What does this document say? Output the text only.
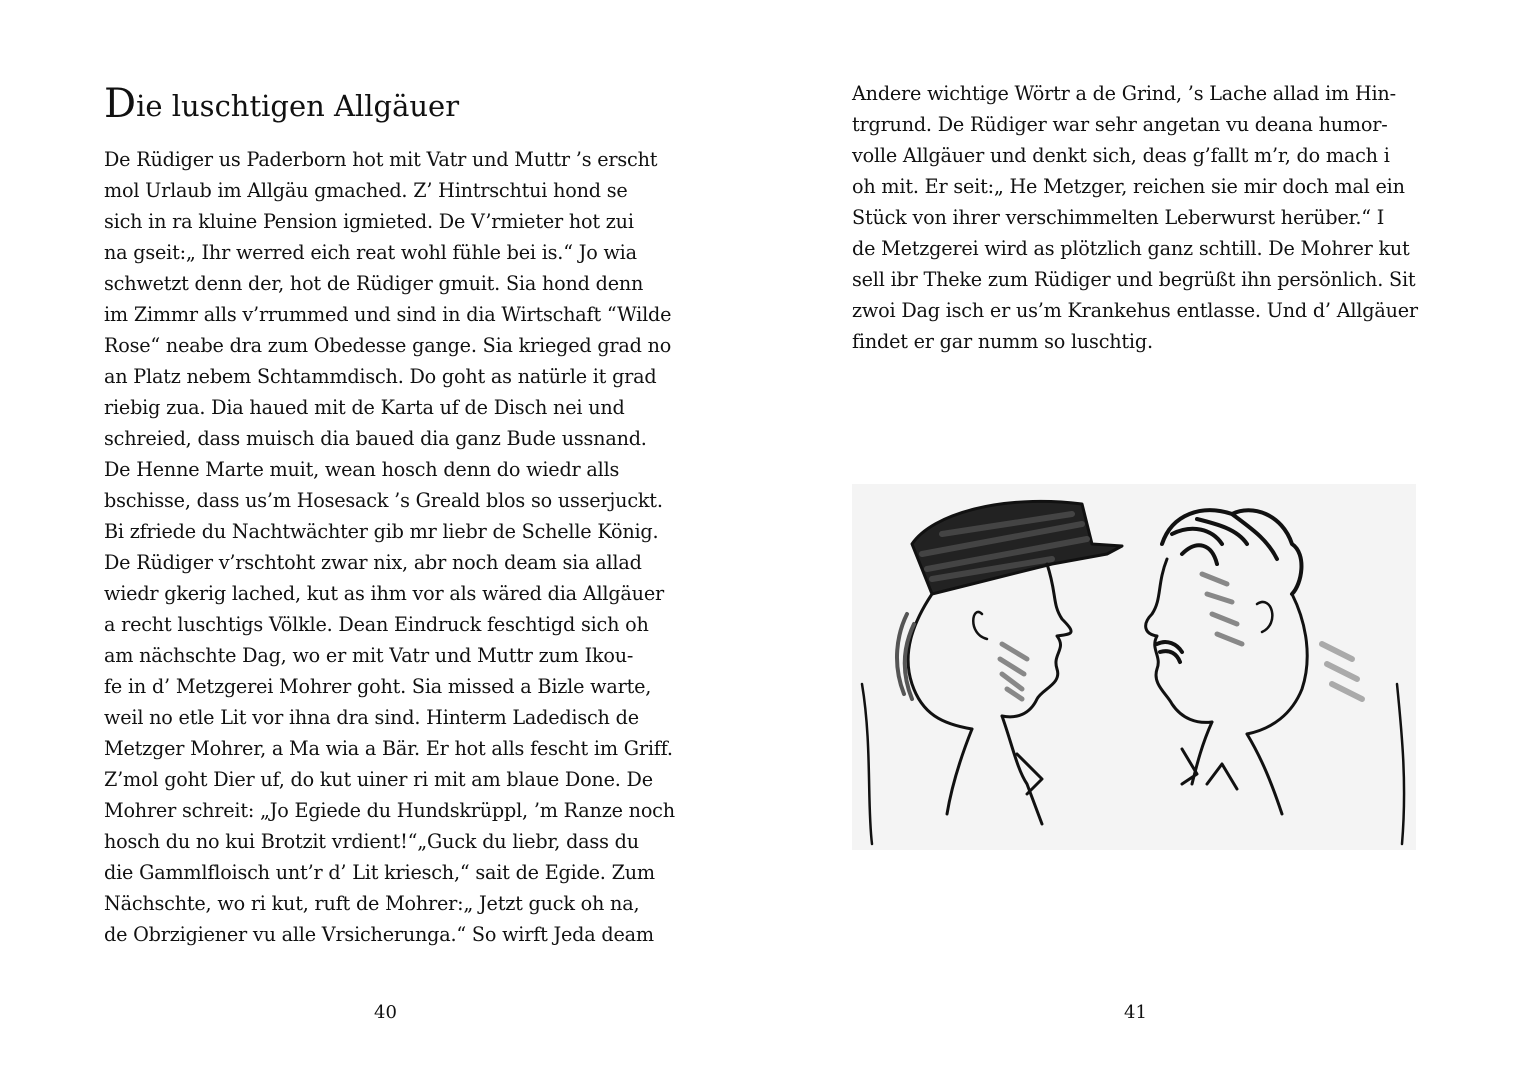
Die luschtigen Allgäuer
De Rüdiger us Paderborn hot mit Vatr und Muttr ’s erscht
mol Urlaub im Allgäu gmached. Z’ Hintrschtui hond se
sich in ra kluine Pension igmieted. De V’rmieter hot zui
na gseit:„ Ihr werred eich reat wohl fühle bei is.“ Jo wia
schwetzt denn der, hot de Rüdiger gmuit. Sia hond denn
im Zimmr alls v’rrummed und sind in dia Wirtschaft “Wilde
Rose“ neabe dra zum Obedesse gange. Sia krieged grad no
an Platz nebem Schtammdisch. Do goht as natürle it grad
riebig zua. Dia haued mit de Karta uf de Disch nei und
schreied, dass muisch dia baued dia ganz Bude ussnand.
De Henne Marte muit, wean hosch denn do wiedr alls
bschisse, dass us’m Hosesack ’s Greald blos so usserjuckt.
Bi zfriede du Nachtwächter gib mr liebr de Schelle König.
De Rüdiger v’rschtoht zwar nix, abr noch deam sia allad
wiedr gkerig lached, kut as ihm vor als wäred dia Allgäuer
a recht luschtigs Völkle. Dean Eindruck feschtigd sich oh
am nächschte Dag, wo er mit Vatr und Muttr zum Ikou-
fe in d’ Metzgerei Mohrer goht. Sia missed a Bizle warte,
weil no etle Lit vor ihna dra sind. Hinterm Ladedisch de
Metzger Mohrer, a Ma wia a Bär. Er hot alls fescht im Griff.
Z’mol goht Dier uf, do kut uiner ri mit am blaue Done. De
Mohrer schreit: „Jo Egiede du Hundskrüppl, ’m Ranze noch
hosch du no kui Brotzit vrdient!“„Guck du liebr, dass du
die Gammlfloisch unt’r d’ Lit kriesch,“ sait de Egide. Zum
Nächschte, wo ri kut, ruft de Mohrer:„ Jetzt guck oh na,
de Obrzigiener vu alle Vrsicherunga.“ So wirft Jeda deam
Andere wichtige Wörtr a de Grind, ’s Lache allad im Hin-
trgrund. De Rüdiger war sehr angetan vu deana humor-
volle Allgäuer und denkt sich, deas g’fallt m’r, do mach i
oh mit. Er seit:„ He Metzger, reichen sie mir doch mal ein
Stück von ihrer verschimmelten Leberwurst herüber.“ I
de Metzgerei wird as plötzlich ganz schtill. De Mohrer kut
sell ibr Theke zum Rüdiger und begrüßt ihn persönlich. Sit
zwoi Dag isch er us’m Krankehus entlasse. Und d’ Allgäuer
findet er gar numm so luschtig.
40	41
